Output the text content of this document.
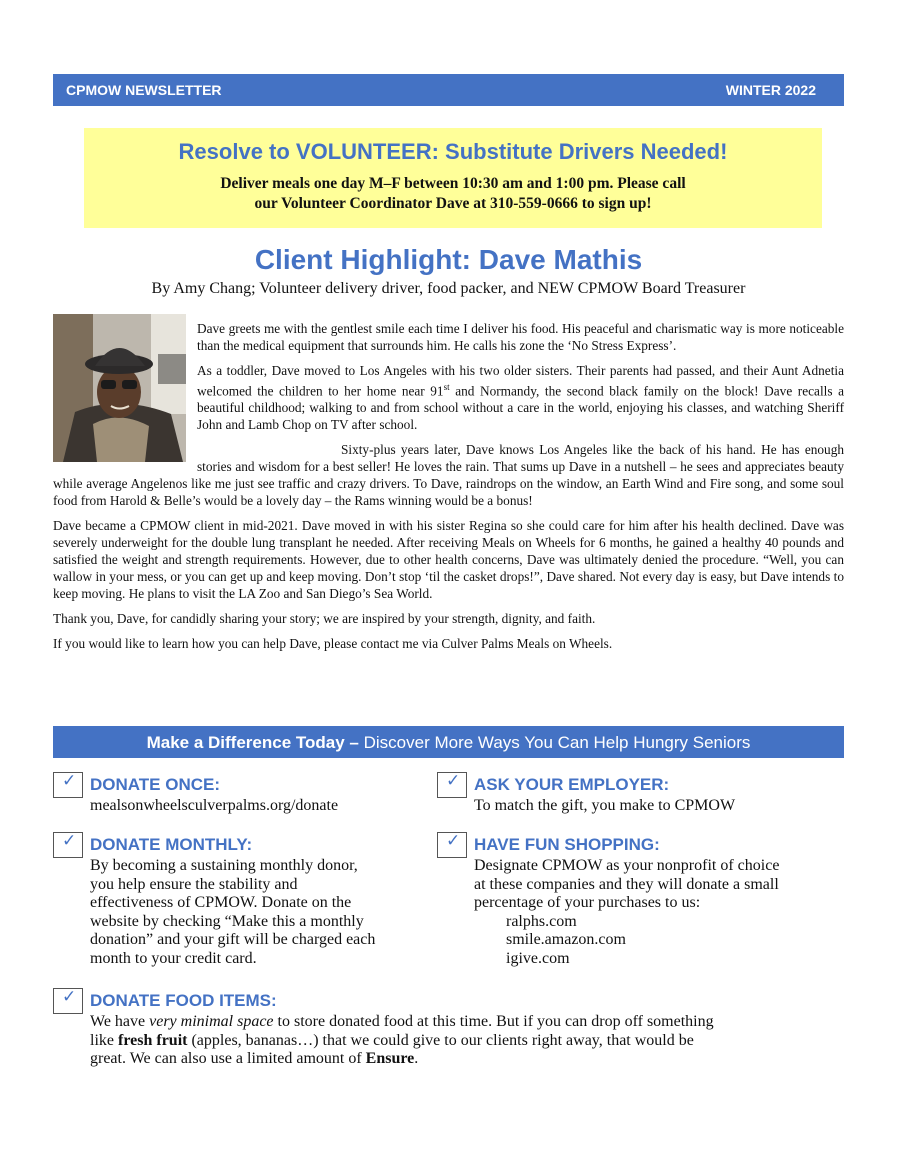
CPMOW NEWSLETTER	WINTER 2022
Resolve to VOLUNTEER: Substitute Drivers Needed!
Deliver meals one day M–F between 10:30 am and 1:00 pm. Please call
our Volunteer Coordinator Dave at 310-559-0666 to sign up!
Client Highlight: Dave Mathis
By Amy Chang; Volunteer delivery driver, food packer, and NEW CPMOW Board Treasurer

Dave greets me with the gentlest smile each time I deliver his food. His peaceful and charismatic way is more noticeable than the medical equipment that surrounds him. He calls his zone the ‘No Stress Express’.

As a toddler, Dave moved to Los Angeles with his two older sisters. Their parents had passed, and their Aunt Adnetia welcomed the children to her home near 91st and Normandy, the second black family on the block! Dave recalls a beautiful childhood; walking to and from school without a care in the world, enjoying his classes, and watching Sheriff John and Lamb Chop on TV after school.

Sixty-plus years later, Dave knows Los Angeles like the back of his hand. He has enough stories and wisdom for a best seller! He loves the rain. That sums up Dave in a nutshell – he sees and appreciates beauty while average Angelenos like me just see traffic and crazy drivers. To Dave, raindrops on the window, an Earth Wind and Fire song, and some soul food from Harold & Belle’s would be a lovely day – the Rams winning would be a bonus!

Dave became a CPMOW client in mid-2021. Dave moved in with his sister Regina so she could care for him after his health declined. Dave was severely underweight for the double lung transplant he needed. After receiving Meals on Wheels for 6 months, he gained a healthy 40 pounds and satisfied the weight and strength requirements. However, due to other health concerns, Dave was ultimately denied the procedure. “Well, you can wallow in your mess, or you can get up and keep moving. Don’t stop ‘til the casket drops!”, Dave shared. Not every day is easy, but Dave intends to keep moving. He plans to visit the LA Zoo and San Diego’s Sea World.

Thank you, Dave, for candidly sharing your story; we are inspired by your strength, dignity, and faith.

If you would like to learn how you can help Dave, please contact me via Culver Palms Meals on Wheels.

Make a Difference Today – Discover More Ways You Can Help Hungry Seniors
✓ DONATE ONCE:
mealsonwheelsculverpalms.org/donate
✓ ASK YOUR EMPLOYER:
To match the gift, you make to CPMOW
✓ DONATE MONTHLY:
By becoming a sustaining monthly donor,
you help ensure the stability and
effectiveness of CPMOW. Donate on the
website by checking “Make this a monthly
donation” and your gift will be charged each
month to your credit card.
✓ HAVE FUN SHOPPING:
Designate CPMOW as your nonprofit of choice
at these companies and they will donate a small
percentage of your purchases to us:
ralphs.com
smile.amazon.com
igive.com
✓ DONATE FOOD ITEMS:
We have very minimal space to store donated food at this time. But if you can drop off something
like fresh fruit (apples, bananas…) that we could give to our clients right away, that would be
great. We can also use a limited amount of Ensure.
